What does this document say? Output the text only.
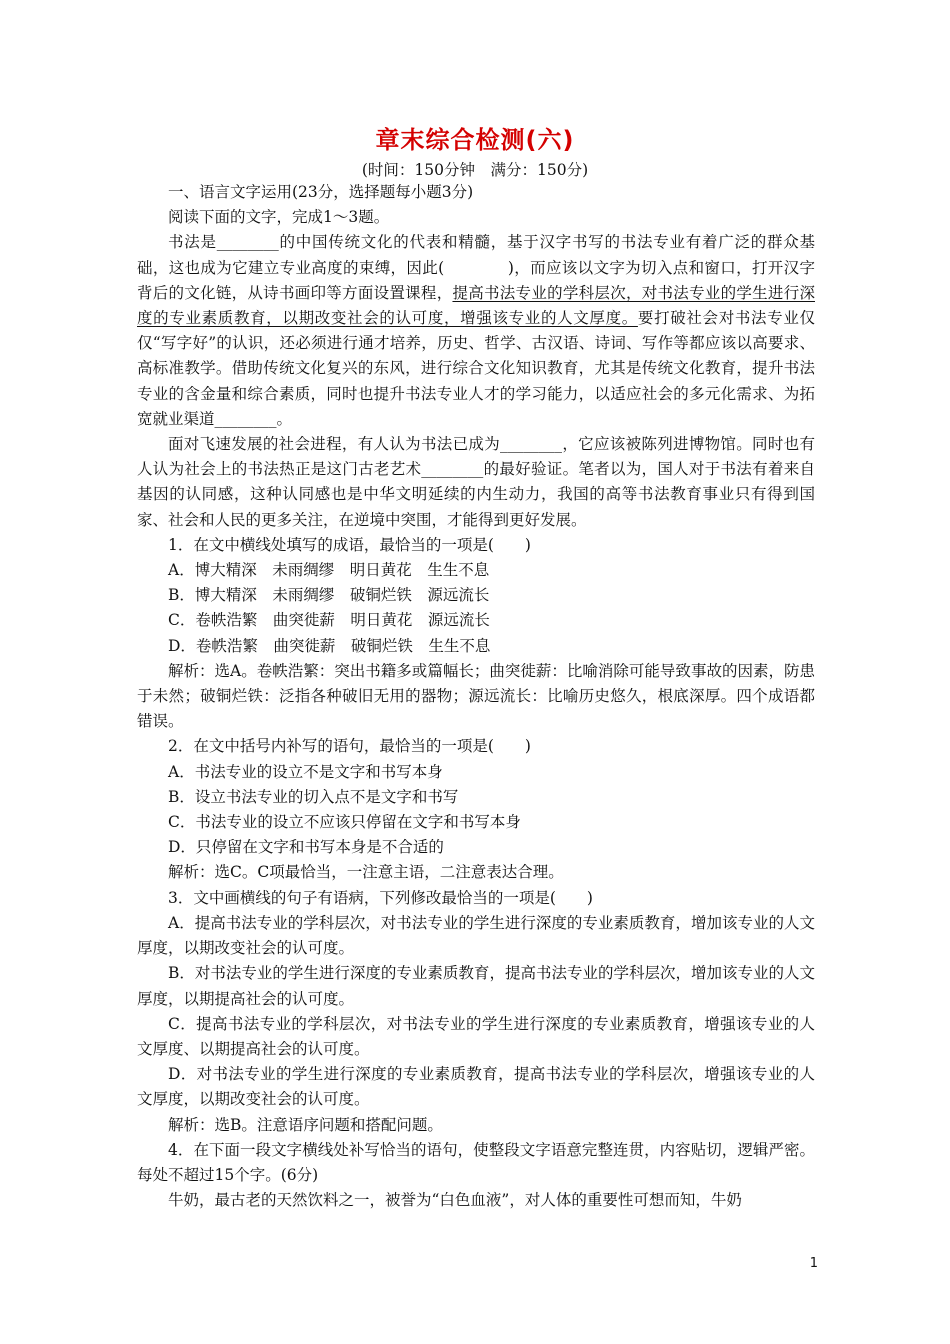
章末综合检测(六)
(时间：150分钟　满分：150分)

一、语言文字运用(23分，选择题每小题3分)

阅读下面的文字，完成1～3题。

书法是________的中国传统文化的代表和精髓，基于汉字书写的书法专业有着广泛的群众基础，这也成为它建立专业高度的束缚，因此(　　　　)，而应该以文字为切入点和窗口，打开汉字背后的文化链，从诗书画印等方面设置课程，提高书法专业的学科层次，对书法专业的学生进行深度的专业素质教育，以期改变社会的认可度，增强该专业的人文厚度。要打破社会对书法专业仅仅“写字好”的认识，还必须进行通才培养，历史、哲学、古汉语、诗词、写作等都应该以高要求、高标准教学。借助传统文化复兴的东风，进行综合文化知识教育，尤其是传统文化教育，提升书法专业的含金量和综合素质，同时也提升书法专业人才的学习能力，以适应社会的多元化需求、为拓宽就业渠道________。

面对飞速发展的社会进程，有人认为书法已成为________，它应该被陈列进博物馆。同时也有人认为社会上的书法热正是这门古老艺术________的最好验证。笔者以为，国人对于书法有着来自基因的认同感，这种认同感也是中华文明延续的内生动力，我国的高等书法教育事业只有得到国家、社会和人民的更多关注，在逆境中突围，才能得到更好发展。

1．在文中横线处填写的成语，最恰当的一项是(　　)

A．博大精深　未雨绸缪　明日黄花　生生不息

B．博大精深　未雨绸缪　破铜烂铁　源远流长

C．卷帙浩繁　曲突徙薪　明日黄花　源远流长

D．卷帙浩繁　曲突徙薪　破铜烂铁　生生不息

解析：选A。卷帙浩繁：突出书籍多或篇幅长；曲突徙薪：比喻消除可能导致事故的因素，防患于未然；破铜烂铁：泛指各种破旧无用的器物；源远流长：比喻历史悠久，根底深厚。四个成语都错误。

2．在文中括号内补写的语句，最恰当的一项是(　　)

A．书法专业的设立不是文字和书写本身

B．设立书法专业的切入点不是文字和书写

C．书法专业的设立不应该只停留在文字和书写本身

D．只停留在文字和书写本身是不合适的

解析：选C。C项最恰当，一注意主语，二注意表达合理。

3．文中画横线的句子有语病，下列修改最恰当的一项是(　　)

A．提高书法专业的学科层次，对书法专业的学生进行深度的专业素质教育，增加该专业的人文厚度，以期改变社会的认可度。

B．对书法专业的学生进行深度的专业素质教育，提高书法专业的学科层次，增加该专业的人文厚度，以期提高社会的认可度。

C．提高书法专业的学科层次，对书法专业的学生进行深度的专业素质教育，增强该专业的人文厚度、以期提高社会的认可度。

D．对书法专业的学生进行深度的专业素质教育，提高书法专业的学科层次，增强该专业的人文厚度，以期改变社会的认可度。

解析：选B。注意语序问题和搭配问题。

4．在下面一段文字横线处补写恰当的语句，使整段文字语意完整连贯，内容贴切，逻辑严密。每处不超过15个字。(6分)

牛奶，最古老的天然饮料之一，被誉为“白色血液”，对人体的重要性可想而知，牛奶

1
